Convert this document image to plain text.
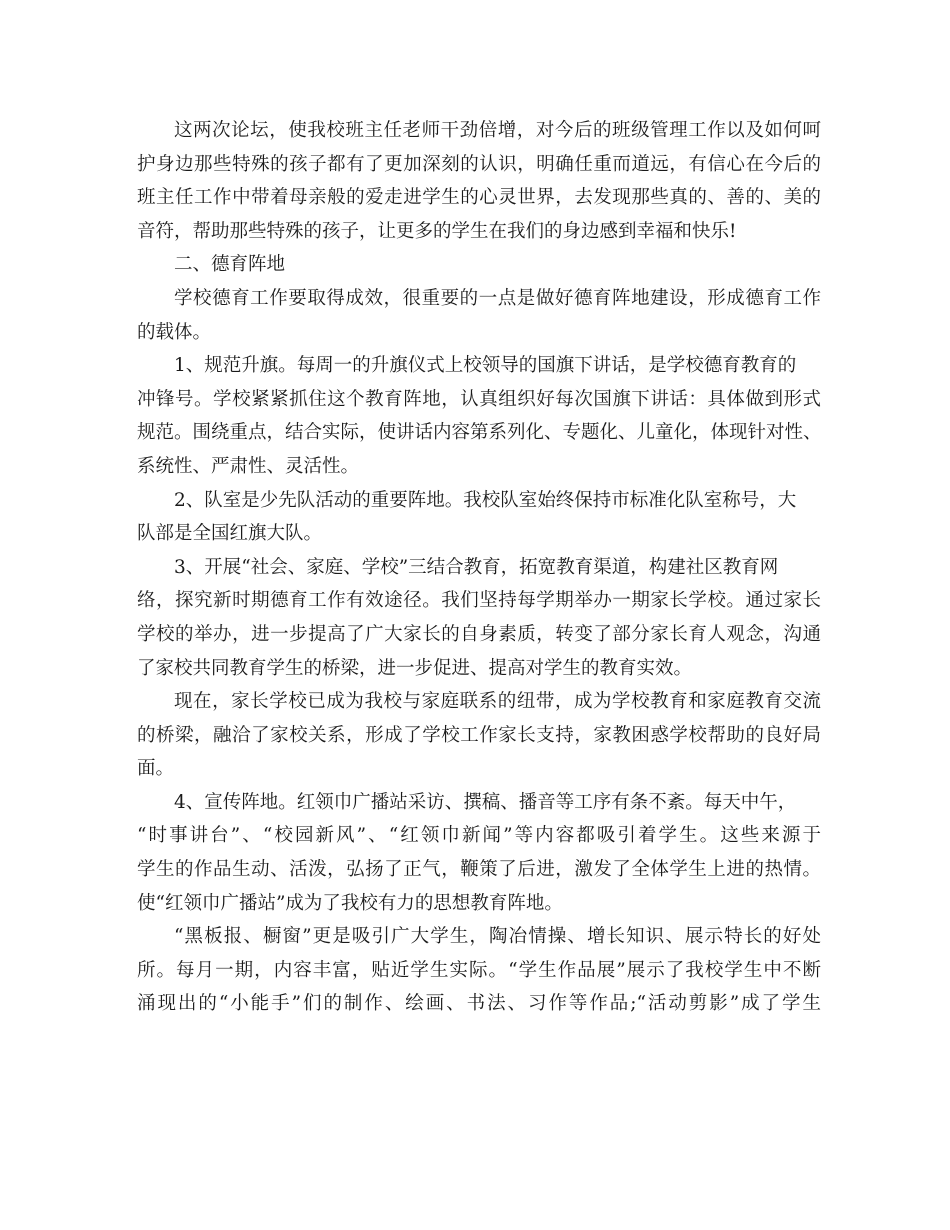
这两次论坛，使我校班主任老师干劲倍增，对今后的班级管理工作以及如何呵
护身边那些特殊的孩子都有了更加深刻的认识，明确任重而道远，有信心在今后的
班主任工作中带着母亲般的爱走进学生的心灵世界，去发现那些真的、善的、美的
音符，帮助那些特殊的孩子，让更多的学生在我们的身边感到幸福和快乐!
二、德育阵地
学校德育工作要取得成效，很重要的一点是做好德育阵地建设，形成德育工作
的载体。
1、规范升旗。每周一的升旗仪式上校领导的国旗下讲话，是学校德育教育的
冲锋号。学校紧紧抓住这个教育阵地，认真组织好每次国旗下讲话：具体做到形式
规范。围绕重点，结合实际，使讲话内容第系列化、专题化、儿童化，体现针对性、
系统性、严肃性、灵活性。
2、队室是少先队活动的重要阵地。我校队室始终保持市标准化队室称号，大
队部是全国红旗大队。
3、开展“社会、家庭、学校”三结合教育，拓宽教育渠道，构建社区教育网
络，探究新时期德育工作有效途径。我们坚持每学期举办一期家长学校。通过家长
学校的举办，进一步提高了广大家长的自身素质，转变了部分家长育人观念，沟通
了家校共同教育学生的桥梁，进一步促进、提高对学生的教育实效。
现在，家长学校已成为我校与家庭联系的纽带，成为学校教育和家庭教育交流
的桥梁，融洽了家校关系，形成了学校工作家长支持，家教困惑学校帮助的良好局
面。
4、宣传阵地。红领巾广播站采访、撰稿、播音等工序有条不紊。每天中午，
“时事讲台”、“校园新风”、“红领巾新闻”等内容都吸引着学生。这些来源于
学生的作品生动、活泼，弘扬了正气，鞭策了后进，激发了全体学生上进的热情。
使“红领巾广播站”成为了我校有力的思想教育阵地。
“黑板报、橱窗”更是吸引广大学生，陶冶情操、增长知识、展示特长的好处
所。每月一期，内容丰富，贴近学生实际。“学生作品展”展示了我校学生中不断
涌现出的“小能手”们的制作、绘画、书法、习作等作品;“活动剪影”成了学生
